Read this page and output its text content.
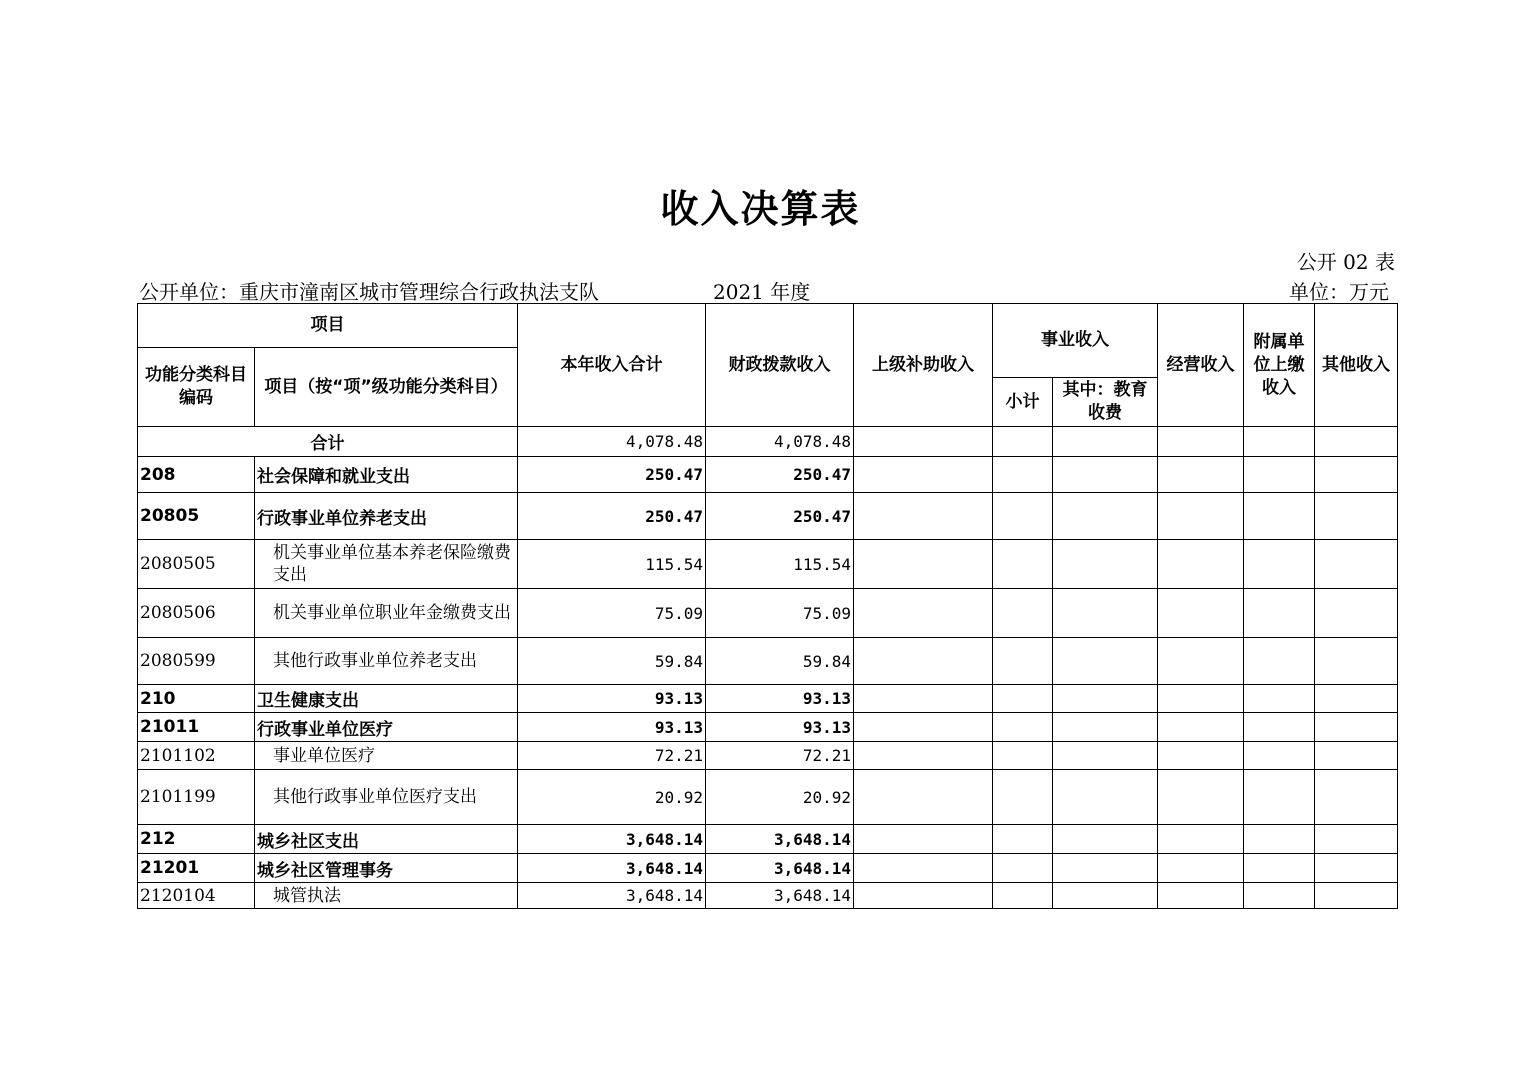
收入决算表
公开 02 表
公开单位：重庆市潼南区城市管理综合行政执法支队	2021 年度	单位：万元
项目		本年收入合计	财政拨款收入	上级补助收入	事业收入		经营收入	附属单位上缴收入	其他收入
功能分类科目编码	项目（按“项”级功能分类科目）								
					小计	其中：教育收费			
合计		4,078.48	4,078.48						
208	社会保障和就业支出	250.47	250.47						
20805	行政事业单位养老支出	250.47	250.47						
2080505	机关事业单位基本养老保险缴费支出	115.54	115.54						
2080506	机关事业单位职业年金缴费支出	75.09	75.09						
2080599	其他行政事业单位养老支出	59.84	59.84						
210	卫生健康支出	93.13	93.13						
21011	行政事业单位医疗	93.13	93.13						
2101102	事业单位医疗	72.21	72.21						
2101199	其他行政事业单位医疗支出	20.92	20.92						
212	城乡社区支出	3,648.14	3,648.14						
21201	城乡社区管理事务	3,648.14	3,648.14						
2120104	城管执法	3,648.14	3,648.14						
